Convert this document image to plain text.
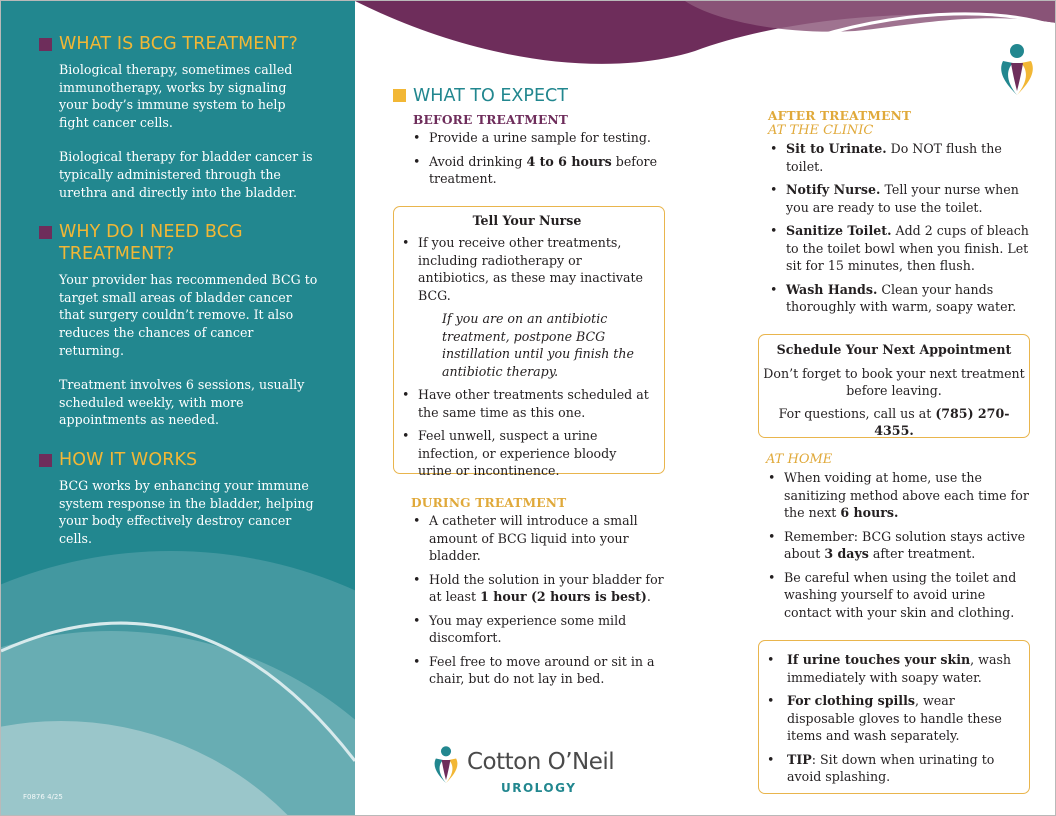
WHAT IS BCG TREATMENT?

Biological therapy, sometimes called immunotherapy, works by signaling your body’s immune system to help fight cancer cells.

Biological therapy for bladder cancer is typically administered through the urethra and directly into the bladder.

WHY DO I NEED BCG TREATMENT?

Your provider has recommended BCG to target small areas of bladder cancer that surgery couldn’t remove. It also reduces the chances of cancer returning.

Treatment involves 6 sessions, usually scheduled weekly, with more appointments as needed.

HOW IT WORKS

BCG works by enhancing your immune system response in the bladder, helping your body effectively destroy cancer cells.

F0876 4/25
WHAT TO EXPECT
BEFORE TREATMENT
• Provide a urine sample for testing.
• Avoid drinking 4 to 6 hours before treatment.
Tell Your Nurse
• If you receive other treatments, including radiotherapy or antibiotics, as these may inactivate BCG.

If you are on an antibiotic treatment, postpone BCG instillation until you finish the antibiotic therapy.

• Have other treatments scheduled at the same time as this one.
• Feel unwell, suspect a urine infection, or experience bloody urine or incontinence.
DURING TREATMENT
• A catheter will introduce a small amount of BCG liquid into your bladder.
• Hold the solution in your bladder for at least 1 hour (2 hours is best).
• You may experience some mild discomfort.
• Feel free to move around or sit in a chair, but do not lay in bed.
Cotton O’Neil
UROLOGY
AFTER TREATMENT
AT THE CLINIC
• Sit to Urinate. Do NOT flush the toilet.
• Notify Nurse. Tell your nurse when you are ready to use the toilet.
• Sanitize Toilet. Add 2 cups of bleach to the toilet bowl when you finish. Let sit for 15 minutes, then flush.
• Wash Hands. Clean your hands thoroughly with warm, soapy water.
Schedule Your Next Appointment

Don’t forget to book your next treatment before leaving.

For questions, call us at (785) 270-4355.

AT HOME
• When voiding at home, use the sanitizing method above each time for the next 6 hours.
• Remember: BCG solution stays active about 3 days after treatment.
• Be careful when using the toilet and washing yourself to avoid urine contact with your skin and clothing.
• If urine touches your skin, wash immediately with soapy water.
• For clothing spills, wear disposable gloves to handle these items and wash separately.
• TIP: Sit down when urinating to avoid splashing.
